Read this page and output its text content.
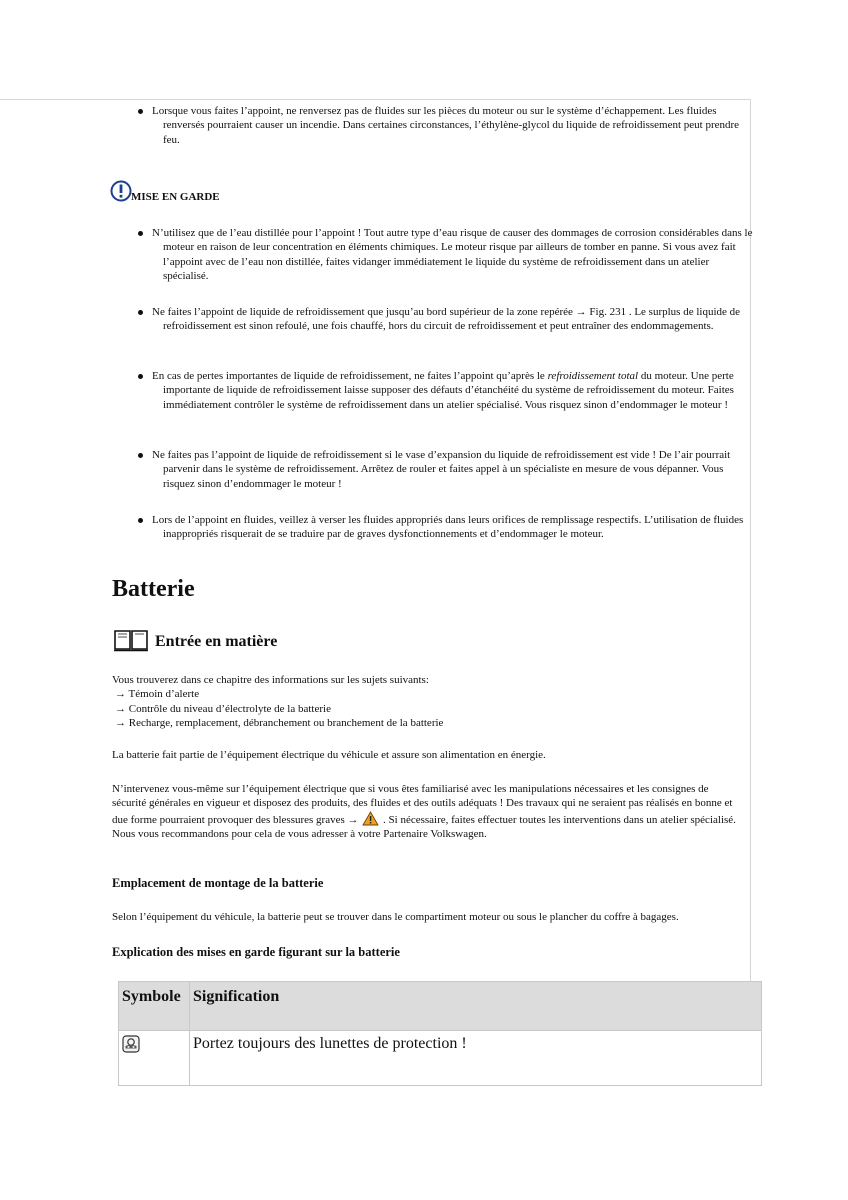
Lorsque vous faites l’appoint, ne renversez pas de fluides sur les pièces du moteur ou sur le système d’échappement. Les fluides renversés pourraient causer un incendie. Dans certaines circonstances, l’éthylène-glycol du liquide de refroidissement peut prendre feu.
MISE EN GARDE
N’utilisez que de l’eau distillée pour l’appoint ! Tout autre type d’eau risque de causer des dommages de corrosion considérables dans le moteur en raison de leur concentration en éléments chimiques. Le moteur risque par ailleurs de tomber en panne. Si vous avez fait l’appoint avec de l’eau non distillée, faites vidanger immédiatement le liquide du système de refroidissement dans un atelier spécialisé.
Ne faites l’appoint de liquide de refroidissement que jusqu’au bord supérieur de la zone repérée → Fig. 231 . Le surplus de liquide de refroidissement est sinon refoulé, une fois chauffé, hors du circuit de refroidissement et peut entraîner des endommagements.
En cas de pertes importantes de liquide de refroidissement, ne faites l’appoint qu’après le refroidissement total du moteur. Une perte importante de liquide de refroidissement laisse supposer des défauts d’étanchéité du système de refroidissement du moteur. Faites immédiatement contrôler le système de refroidissement dans un atelier spécialisé. Vous risquez sinon d’endommager le moteur !
Ne faites pas l’appoint de liquide de refroidissement si le vase d’expansion du liquide de refroidissement est vide ! De l’air pourrait parvenir dans le système de refroidissement. Arrêtez de rouler et faites appel à un spécialiste en mesure de vous dépanner. Vous risquez sinon d’endommager le moteur !
Lors de l’appoint en fluides, veillez à verser les fluides appropriés dans leurs orifices de remplissage respectifs. L’utilisation de fluides inappropriés risquerait de se traduire par de graves dysfonctionnements et d’endommager le moteur.
Batterie
Entrée en matière
Vous trouverez dans ce chapitre des informations sur les sujets suivants:
→ Témoin d’alerte
→ Contrôle du niveau d’électrolyte de la batterie
→ Recharge, remplacement, débranchement ou branchement de la batterie
La batterie fait partie de l’équipement électrique du véhicule et assure son alimentation en énergie.
N’intervenez vous-même sur l’équipement électrique que si vous êtes familiarisé avec les manipulations nécessaires et les consignes de sécurité générales en vigueur et disposez des produits, des fluides et des outils adéquats ! Des travaux qui ne seraient pas réalisés en bonne et due forme pourraient provoquer des blessures graves →  . Si nécessaire, faites effectuer toutes les interventions dans un atelier spécialisé. Nous vous recommandons pour cela de vous adresser à votre Partenaire Volkswagen.
Emplacement de montage de la batterie
Selon l’équipement du véhicule, la batterie peut se trouver dans le compartiment moteur ou sous le plancher du coffre à bagages.
Explication des mises en garde figurant sur la batterie
Symbole	Signification
	Portez toujours des lunettes de protection !
